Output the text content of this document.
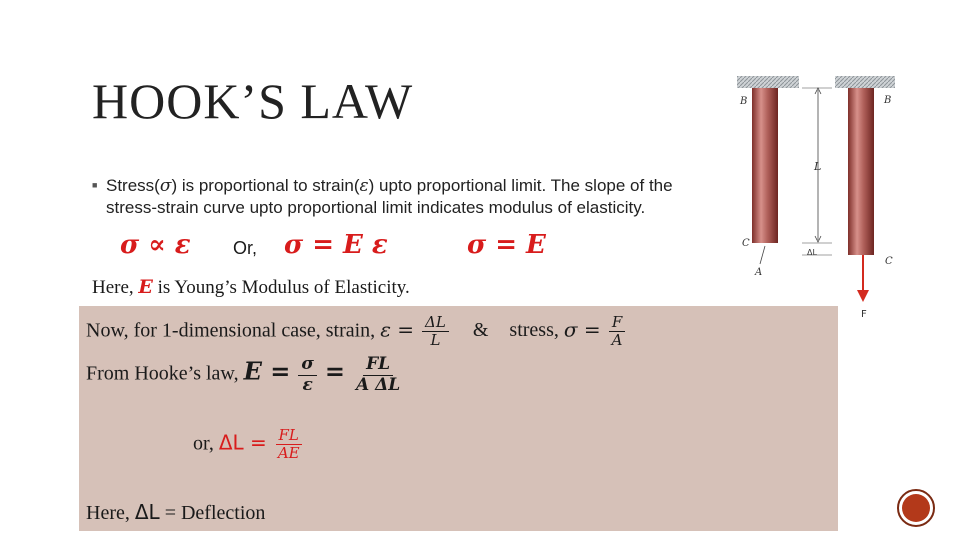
HOOK’S LAW
■ Stress(σ) is proportional to strain(ε) upto proportional limit. The slope of the stress-strain curve upto proportional limit indicates modulus of elasticity.
σ ∝ ε Or, σ = E ε	σ = E
Here, E is Young’s Modulus of Elasticity.
Now, for 1-dimensional case, strain, $\varepsilon = \frac{\Delta L}{L}$ & stress, $\sigma = \frac{F}{A}$
From Hooke’s law, $E = \frac{\sigma}{\varepsilon} = \frac{FL}{\text{A ΔL}}$
or, $\Delta L = \frac{FL}{AE}$
Here, ΔL = Deflection
B	B
L
C
C
ΔL
A
F
